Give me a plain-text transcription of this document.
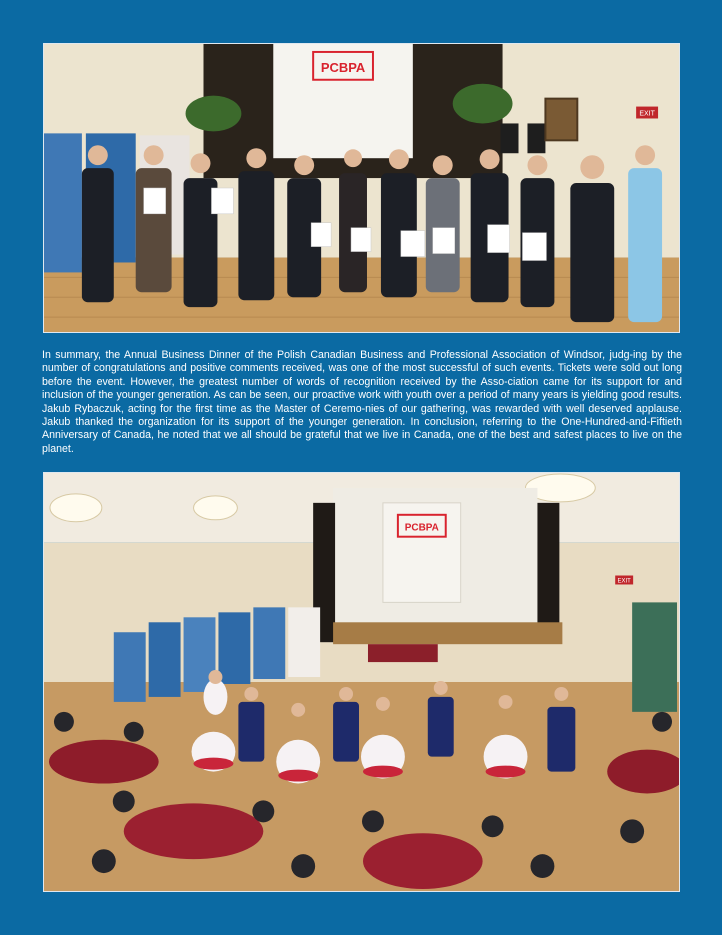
PCBPA
EXIT

In summary, the Annual Business Dinner of the Polish Canadian Business and Professional Association of Windsor, judg-ing by the number of congratulations and positive comments received, was one of the most successful of such events. Tickets were sold out long before the event. However, the greatest number of words of recognition received by the Asso-ciation came for its support for and inclusion of the younger generation. As can be seen, our proactive work with youth over a period of many years is yielding good results. Jakub Rybaczuk, acting for the first time as the Master of Ceremo-nies of our gathering, was rewarded with well deserved applause. Jakub thanked the organization for its support of the younger generation. In conclusion, referring to the One-Hundred-and-Fiftieth Anniversary of Canada, he noted that we all should be grateful that we live in Canada, one of the best and safest places to live on the planet.

PCBPA
EXIT
